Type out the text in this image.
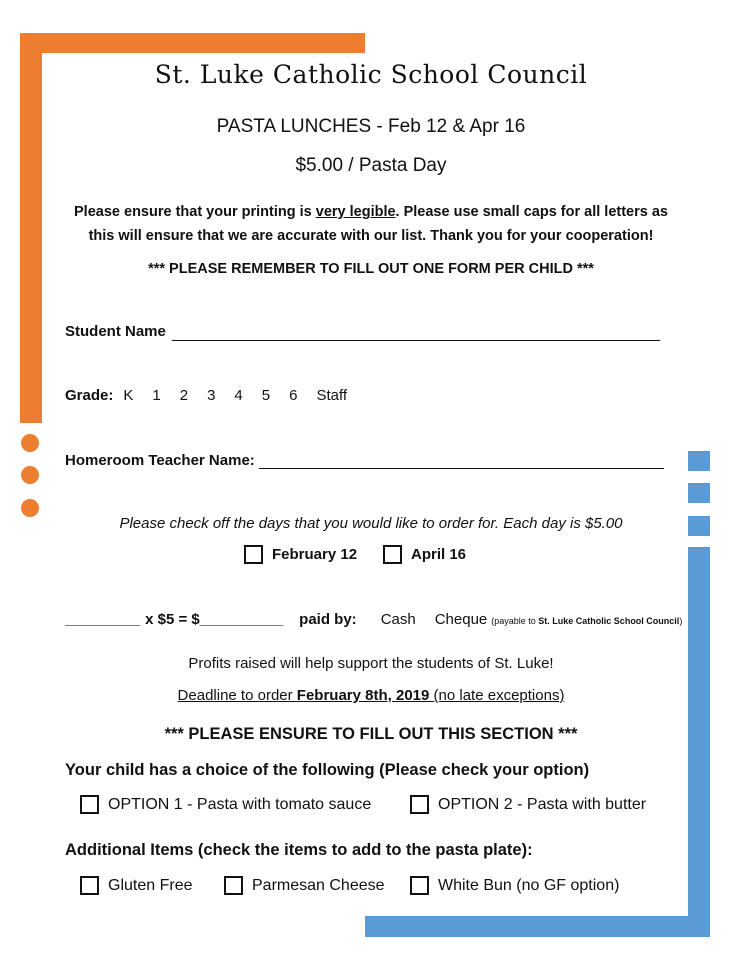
St. Luke Catholic School Council
PASTA LUNCHES - Feb 12 & Apr 16
$5.00 / Pasta Day
Please ensure that your printing is very legible. Please use small caps for all letters as
this will ensure that we are accurate with our list. Thank you for your cooperation!
*** PLEASE REMEMBER TO FILL OUT ONE FORM PER CHILD ***
Student Name
Grade: K 1 2 3 4 5 6 Staff
Homeroom Teacher Name:
Please check off the days that you would like to order for. Each day is $5.00
February 12	April 16
_________ x $5 = $ __________ paid by: Cash Cheque (payable to St. Luke Catholic School Council)
Profits raised will help support the students of St. Luke!
Deadline to order February 8th, 2019 (no late exceptions)
*** PLEASE ENSURE TO FILL OUT THIS SECTION ***
Your child has a choice of the following (Please check your option)
OPTION 1 - Pasta with tomato sauce	OPTION 2 - Pasta with butter
Additional Items (check the items to add to the pasta plate):
Gluten Free	Parmesan Cheese	White Bun (no GF option)
